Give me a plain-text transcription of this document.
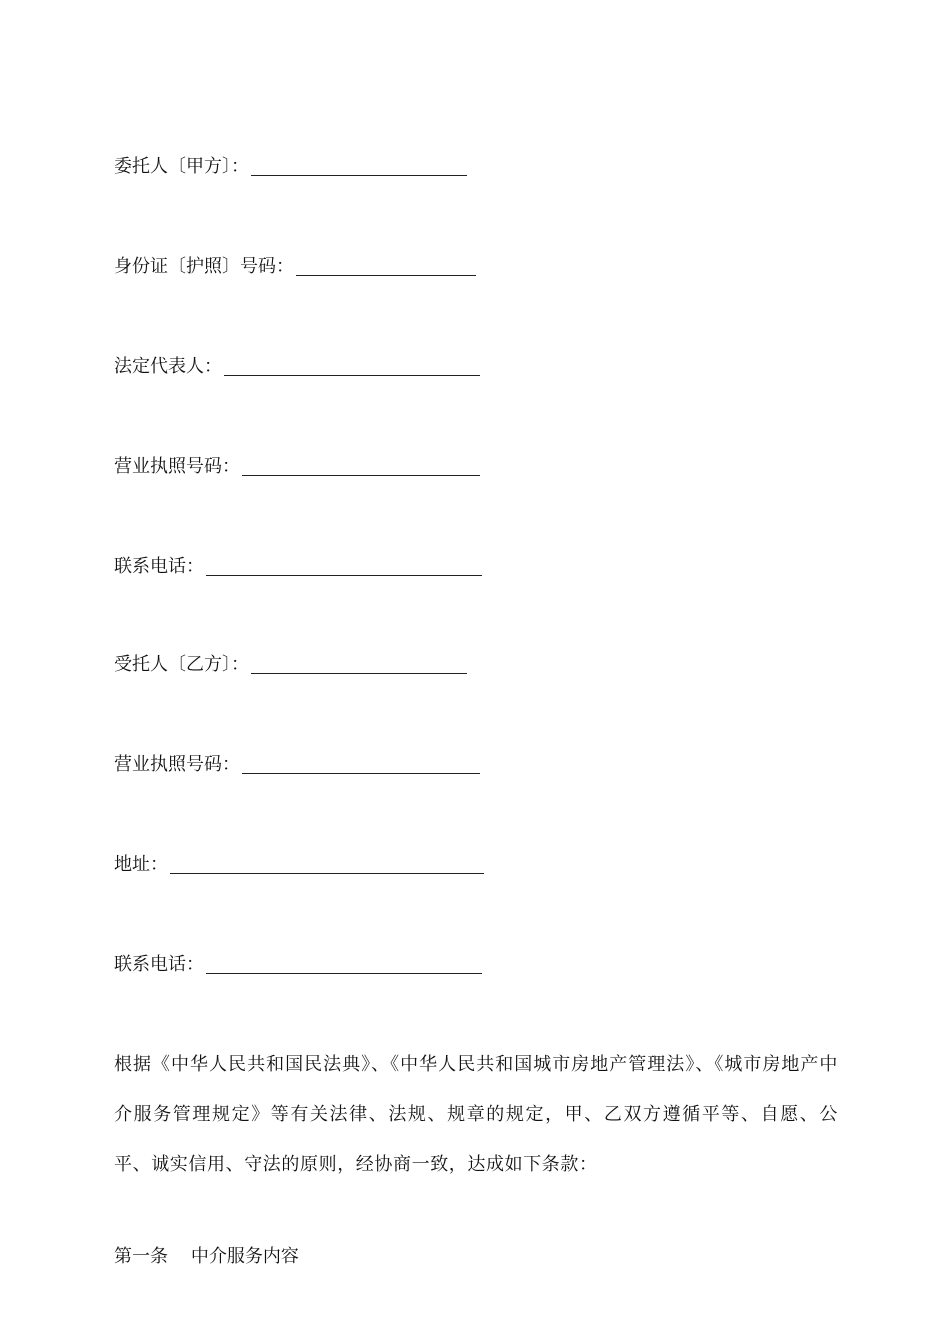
委托人〔甲方〕：
身份证〔护照〕号码：
法定代表人：
营业执照号码：
联系电话：
受托人〔乙方〕：
营业执照号码：
地址：
联系电话：

根据《中华人民共和国民法典》、《中华人民共和国城市房地产管理法》、《城市房地产中介服务管理规定》等有关法律、法规、规章的规定，甲、乙双方遵循平等、自愿、公平、诚实信用、守法的原则，经协商一致，达成如下条款：

第一条 中介服务内容
